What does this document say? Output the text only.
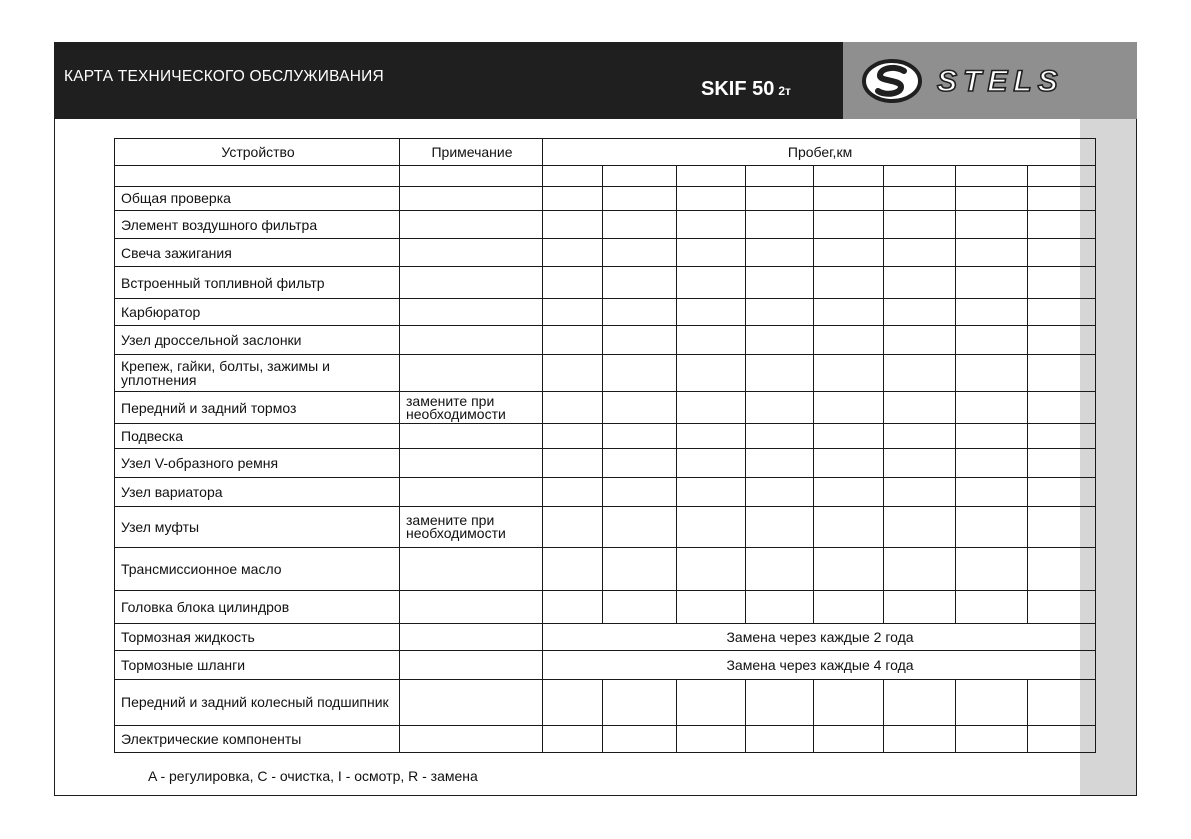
КАРТА ТЕХНИЧЕСКОГО ОБСЛУЖИВАНИЯ
SKIF 50 2т	STELS
Устройство	Примечание	Пробег,км							

Общая проверка									
Элемент воздушного фильтра									
Свеча зажигания									
Встроенный топливной фильтр									
Карбюратор									
Узел дроссельной заслонки									
Крепеж, гайки, болты, зажимы и уплотнения									
Передний и задний тормоз	замените при необходимости								
Подвеска									
Узел V-образного ремня									
Узел вариатора									
Узел муфты	замените при необходимости								
Трансмиссионное масло									
Головка блока цилиндров									
Тормозная жидкость		Замена через каждые 2 года							
Тормозные шланги		Замена через каждые 4 года							
Передний и задний колесный подшипник									
Электрические компоненты									
A - регулировка, C - очистка, I - осмотр, R - замена
